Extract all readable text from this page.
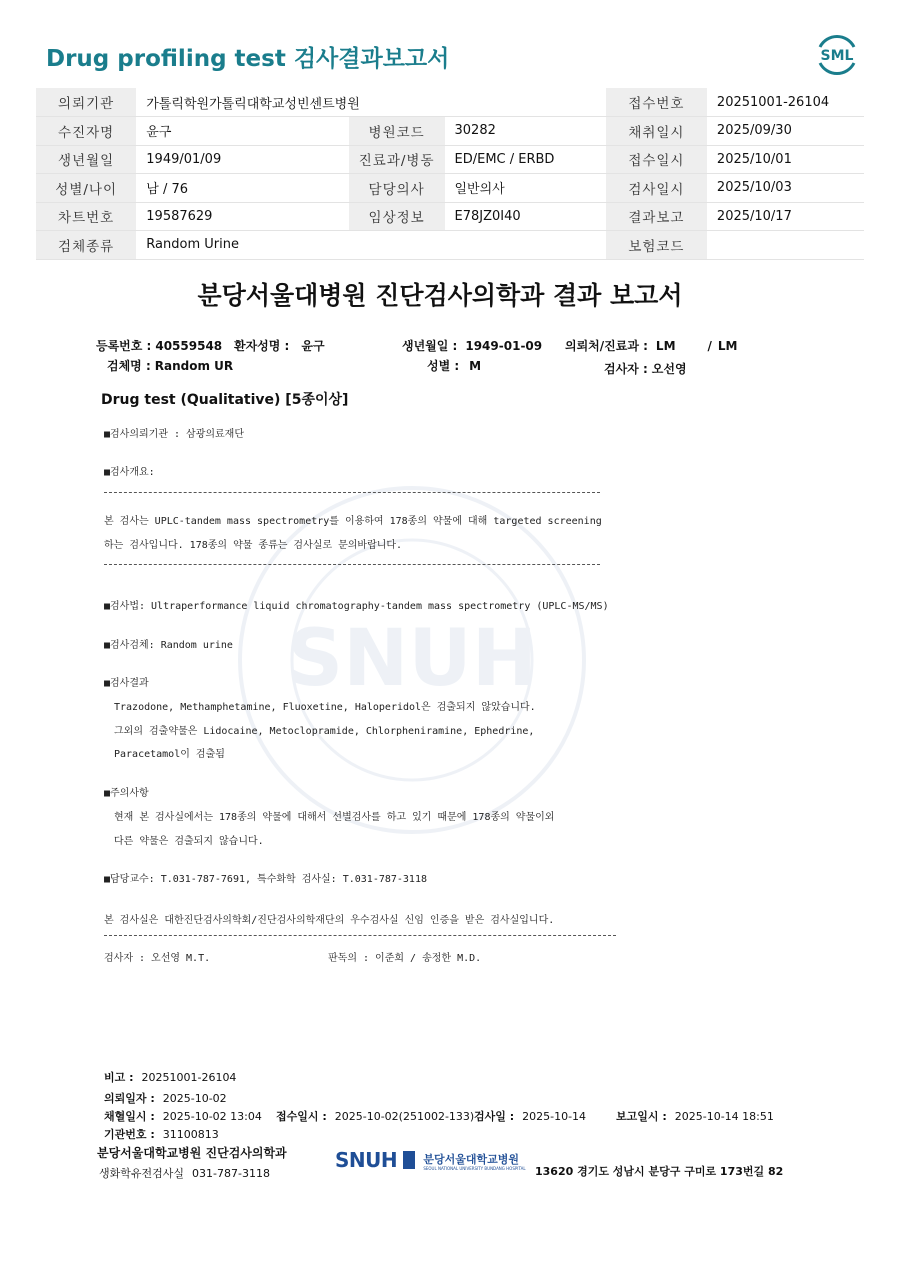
Drug profiling test 검사결과보고서	SML
의뢰기관	가톨릭학원가톨릭대학교성빈센트병원			접수번호	20251001-26104
수진자명	윤구	병원코드	30282	채취일시	2025/09/30
생년월일	1949/01/09	진료과/병동	ED/EMC / ERBD	접수일시	2025/10/01
성별/나이	남 / 76	담당의사	일반의사	검사일시	2025/10/03
차트번호	19587629	임상정보	E78JZ0I40	결과보고	2025/10/17
검체종류	Random Urine			보험코드	
SNUH
분당서울대병원 진단검사의학과 결과 보고서
등록번호 : 40559548 환자성명 : 윤구	생년월일 : 1949-01-09 의뢰처/진료과 : LM	/ LM
검체명 : Random UR	성별 : M	검사자 : 오선영
Drug test (Qualitative) [5종이상]
■검사의뢰기관 : 삼광의료재단
■검사개요:
본 검사는 UPLC-tandem mass spectrometry를 이용하여 178종의 약물에 대해 targeted screening
하는 검사입니다. 178종의 약물 종류는 검사실로 문의바랍니다.
■검사법: Ultraperformance liquid chromatography-tandem mass spectrometry (UPLC-MS/MS)
■검사검체: Random urine
■검사결과
Trazodone, Methamphetamine, Fluoxetine, Haloperidol은 검출되지 않았습니다.
그외의 검출약물은 Lidocaine, Metoclopramide, Chlorpheniramine, Ephedrine,
Paracetamol이 검출됨
■주의사항
현재 본 검사실에서는 178종의 약물에 대해서 선별검사를 하고 있기 때문에 178종의 약물이외
다른 약물은 검출되지 않습니다.
■담당교수: T.031-787-7691, 특수화학 검사실: T.031-787-3118
본 검사실은 대한진단검사의학회/진단검사의학재단의 우수검사실 신임 인증을 받은 검사실입니다.
검사자 : 오선영 M.T.	판독의 : 이준희 / 송정한 M.D.
비고 : 20251001-26104
의뢰일자 : 2025-10-02
채혈일시 : 2025-10-02 13:04 접수일시 : 2025-10-02(251002-133) 검사일 : 2025-10-14	보고일시 : 2025-10-14 18:51
기관번호 : 31100813
분당서울대학교병원 진단검사의학과
생화학유전검사실 031-787-3118
SNUH 분당서울대학교병원
SEOUL NATIONAL UNIVERSITY BUNDANG HOSPITAL 13620 경기도 성남시 분당구 구미로 173번길 82
